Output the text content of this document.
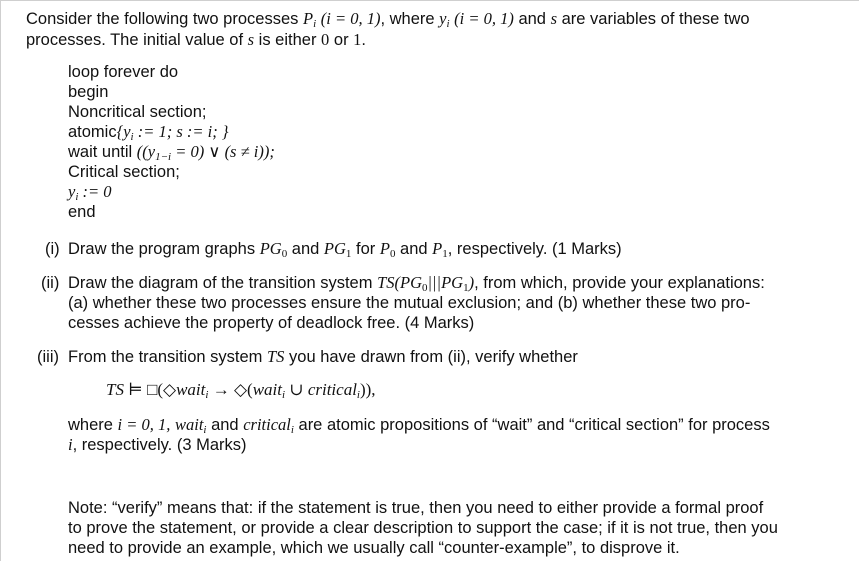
Consider the following two processes $P_i$ (i = 0, 1), where $y_i$ (i = 0, 1) and s are variables of these two
processes. The initial value of s is either 0 or 1.
loop forever do
begin
Noncritical section;
$atomic\{y_i$ := 1; s := i; }
wait until ($(y_{1-i} = 0)$ ∨ (s ≠ i));
Critical section;
$y_i$ := 0
end
(i) Draw the program graphs $PG_0$ and $PG_1$ for $P_0$ and $P_1$, respectively. (1 Marks)
(ii) Draw the diagram of the transition system $TS(PG_0|||PG_1)$, from which, provide your explanations:
(a) whether these two processes ensure the mutual exclusion; and (b) whether these two pro-
cesses achieve the property of deadlock free. (4 Marks)
(iii) From the transition system TS you have drawn from (ii), verify whether
TS ⊨ □(◇wait$_i$ → ◇(wait$_i$ ∪ critical$_i$)),
where i = 0, 1, wait$_i$ and critical$_i$ are atomic propositions of “wait” and “critical section” for process
i, respectively. (3 Marks)
Note: “verify” means that: if the statement is true, then you need to either provide a formal proof
to prove the statement, or provide a clear description to support the case; if it is not true, then you
need to provide an example, which we usually call “counter-example”, to disprove it.
